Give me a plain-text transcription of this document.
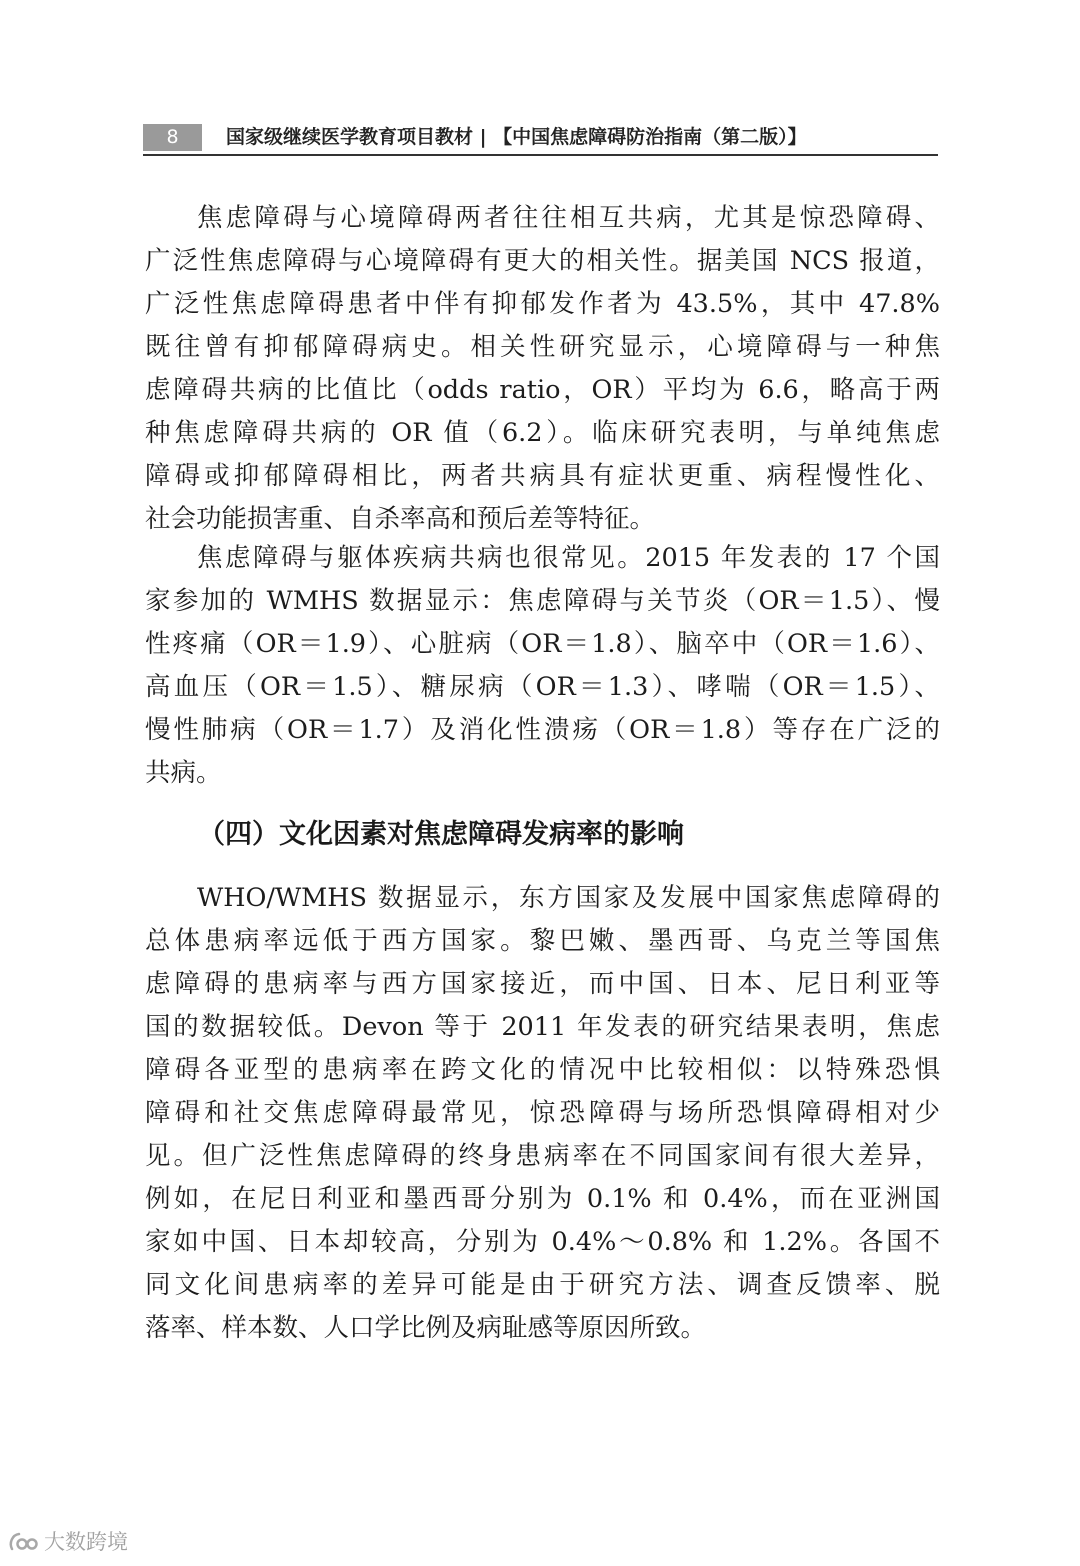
8	国家级继续医学教育项目教材 | 【中国焦虑障碍防治指南（第二版）】

焦虑障碍与心境障碍两者往往相互共病，尤其是惊恐障碍、
广泛性焦虑障碍与心境障碍有更大的相关性。据美国 NCS 报道，
广泛性焦虑障碍患者中伴有抑郁发作者为 43.5%，其中 47.8%
既往曾有抑郁障碍病史。相关性研究显示，心境障碍与一种焦
虑障碍共病的比值比（odds ratio，OR）平均为 6.6，略高于两
种焦虑障碍共病的 OR 值（6.2）。临床研究表明，与单纯焦虑
障碍或抑郁障碍相比，两者共病具有症状更重、病程慢性化、
社会功能损害重、自杀率高和预后差等特征。

焦虑障碍与躯体疾病共病也很常见。2015 年发表的 17 个国
家参加的 WMHS 数据显示：焦虑障碍与关节炎（OR＝1.5）、慢
性疼痛（OR＝1.9）、心脏病（OR＝1.8）、脑卒中（OR＝1.6）、
高血压（OR＝1.5）、糖尿病（OR＝1.3）、哮喘（OR＝1.5）、
慢性肺病（OR＝1.7）及消化性溃疡（OR＝1.8）等存在广泛的
共病。

（四）文化因素对焦虑障碍发病率的影响

WHO/WMHS 数据显示，东方国家及发展中国家焦虑障碍的
总体患病率远低于西方国家。黎巴嫩、墨西哥、乌克兰等国焦
虑障碍的患病率与西方国家接近，而中国、日本、尼日利亚等
国的数据较低。Devon 等于 2011 年发表的研究结果表明，焦虑
障碍各亚型的患病率在跨文化的情况中比较相似：以特殊恐惧
障碍和社交焦虑障碍最常见，惊恐障碍与场所恐惧障碍相对少
见。但广泛性焦虑障碍的终身患病率在不同国家间有很大差异，
例如，在尼日利亚和墨西哥分别为 0.1% 和 0.4%，而在亚洲国
家如中国、日本却较高，分别为 0.4%～0.8% 和 1.2%。各国不
同文化间患病率的差异可能是由于研究方法、调查反馈率、脱
落率、样本数、人口学比例及病耻感等原因所致。

大数跨境
